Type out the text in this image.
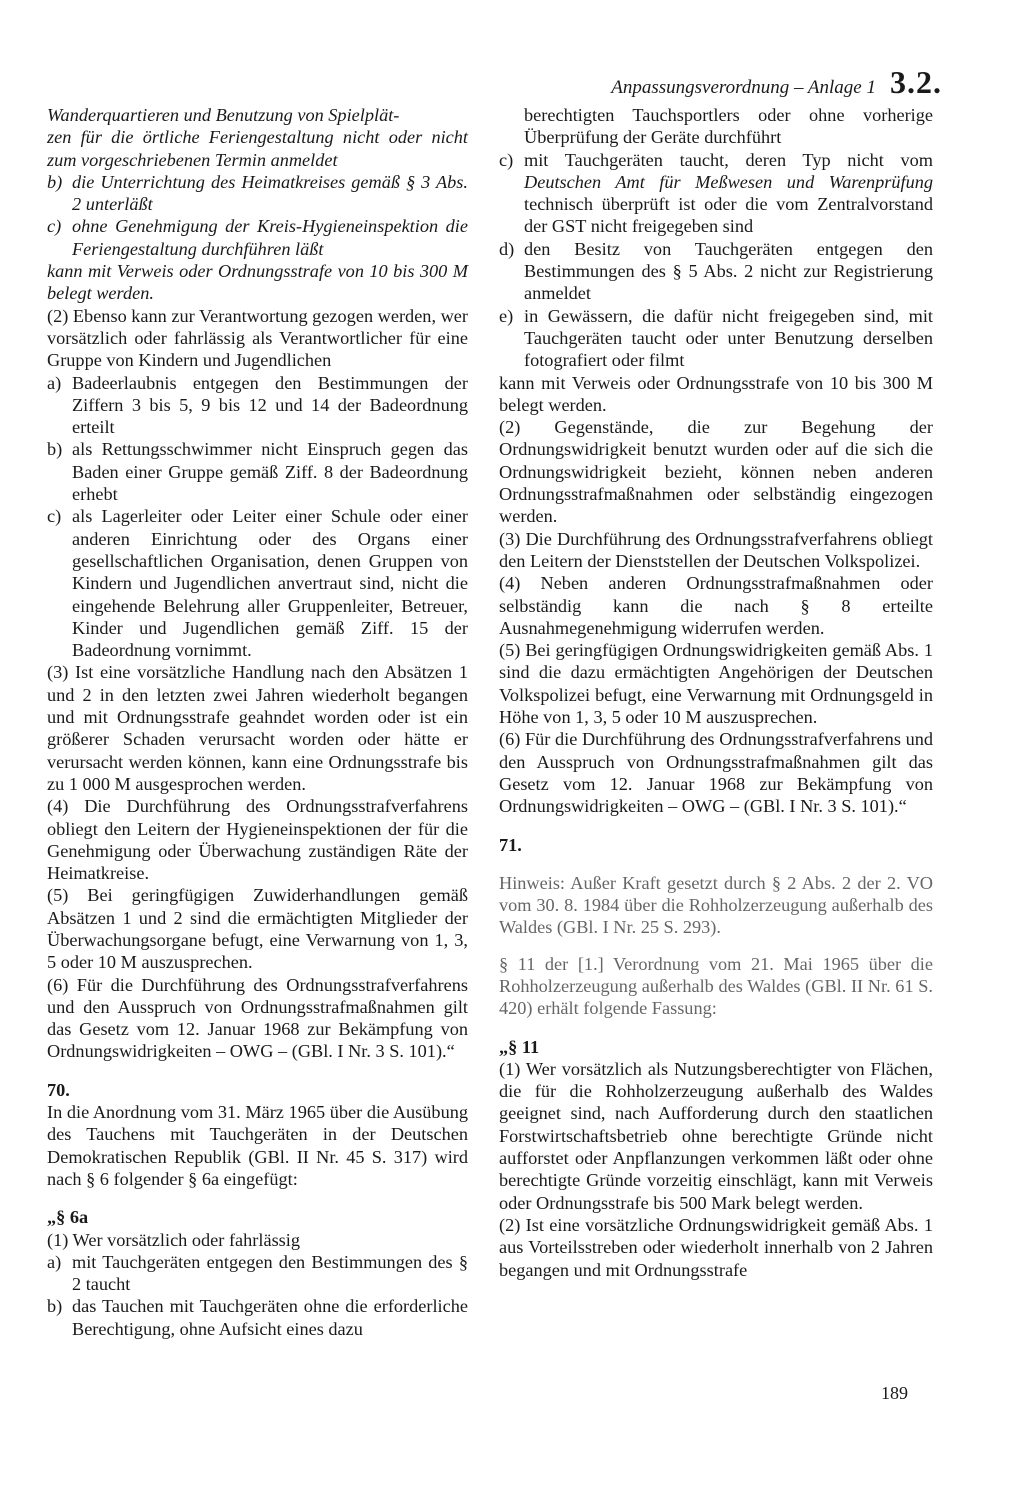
Anpassungsverordnung – Anlage 1 3.2.

Wanderquartieren und Benutzung von Spielplät-

zen für die örtliche Feriengestaltung nicht oder nicht zum vorgeschriebenen Termin anmeldet

b) die Unterrichtung des Heimatkreises gemäß § 3 Abs. 2 unterläßt
c) ohne Genehmigung der Kreis-Hygieneinspektion die Feriengestaltung durchführen läßt

kann mit Verweis oder Ordnungsstrafe von 10 bis 300 M belegt werden.

(2) Ebenso kann zur Verantwortung gezogen werden, wer vorsätzlich oder fahrlässig als Verantwortlicher für eine Gruppe von Kindern und Jugendlichen

a) Badeerlaubnis entgegen den Bestimmungen der Ziffern 3 bis 5, 9 bis 12 und 14 der Badeordnung erteilt
b) als Rettungsschwimmer nicht Einspruch gegen das Baden einer Gruppe gemäß Ziff. 8 der Badeordnung erhebt
c) als Lagerleiter oder Leiter einer Schule oder einer anderen Einrichtung oder des Organs einer gesellschaftlichen Organisation, denen Gruppen von Kindern und Jugendlichen anvertraut sind, nicht die eingehende Belehrung aller Gruppenleiter, Betreuer, Kinder und Jugendlichen gemäß Ziff. 15 der Badeordnung vornimmt.

(3) Ist eine vorsätzliche Handlung nach den Absätzen 1 und 2 in den letzten zwei Jahren wiederholt begangen und mit Ordnungsstrafe geahndet worden oder ist ein größerer Schaden verursacht worden oder hätte er verursacht werden können, kann eine Ordnungsstrafe bis zu 1 000 M ausgesprochen werden.

(4) Die Durchführung des Ordnungsstrafverfahrens obliegt den Leitern der Hygieneinspektionen der für die Genehmigung oder Überwachung zuständigen Räte der Heimatkreise.

(5) Bei geringfügigen Zuwiderhandlungen gemäß Absätzen 1 und 2 sind die ermächtigten Mitglieder der Überwachungsorgane befugt, eine Verwarnung von 1, 3, 5 oder 10 M auszusprechen.

(6) Für die Durchführung des Ordnungsstrafverfahrens und den Ausspruch von Ordnungsstrafmaßnahmen gilt das Gesetz vom 12. Januar 1968 zur Bekämpfung von Ordnungswidrigkeiten – OWG – (GBl. I Nr. 3 S. 101).“

70.

In die Anordnung vom 31. März 1965 über die Ausübung des Tauchens mit Tauchgeräten in der Deutschen Demokratischen Republik (GBl. II Nr. 45 S. 317) wird nach § 6 folgender § 6a eingefügt:

„§ 6a

(1) Wer vorsätzlich oder fahrlässig

a) mit Tauchgeräten entgegen den Bestimmungen des § 2 taucht
b) das Tauchen mit Tauchgeräten ohne die erforderliche Berechtigung, ohne Aufsicht eines dazu
berechtigten Tauchsportlers oder ohne vorherige Überprüfung der Geräte durchführt
c) mit Tauchgeräten taucht, deren Typ nicht vom Deutschen Amt für Meßwesen und Warenprüfung technisch überprüft ist oder die vom Zentralvorstand der GST nicht freigegeben sind
d) den Besitz von Tauchgeräten entgegen den Bestimmungen des § 5 Abs. 2 nicht zur Registrierung anmeldet
e) in Gewässern, die dafür nicht freigegeben sind, mit Tauchgeräten taucht oder unter Benutzung derselben fotografiert oder filmt

kann mit Verweis oder Ordnungsstrafe von 10 bis 300 M belegt werden.

(2) Gegenstände, die zur Begehung der Ordnungswidrigkeit benutzt wurden oder auf die sich die Ordnungswidrigkeit bezieht, können neben anderen Ordnungsstrafmaßnahmen oder selbständig eingezogen werden.

(3) Die Durchführung des Ordnungsstrafverfahrens obliegt den Leitern der Dienststellen der Deutschen Volkspolizei.

(4) Neben anderen Ordnungsstrafmaßnahmen oder selbständig kann die nach § 8 erteilte Ausnahmegenehmigung widerrufen werden.

(5) Bei geringfügigen Ordnungswidrigkeiten gemäß Abs. 1 sind die dazu ermächtigten Angehörigen der Deutschen Volkspolizei befugt, eine Verwarnung mit Ordnungsgeld in Höhe von 1, 3, 5 oder 10 M auszusprechen.

(6) Für die Durchführung des Ordnungsstrafverfahrens und den Ausspruch von Ordnungsstrafmaßnahmen gilt das Gesetz vom 12. Januar 1968 zur Bekämpfung von Ordnungswidrigkeiten – OWG – (GBl. I Nr. 3 S. 101).“

71.

Hinweis: Außer Kraft gesetzt durch § 2 Abs. 2 der 2. VO vom 30. 8. 1984 über die Rohholzerzeugung außerhalb des Waldes (GBl. I Nr. 25 S. 293).

§ 11 der [1.] Verordnung vom 21. Mai 1965 über die Rohholzerzeugung außerhalb des Waldes (GBl. II Nr. 61 S. 420) erhält folgende Fassung:

„§ 11

(1) Wer vorsätzlich als Nutzungsberechtigter von Flächen, die für die Rohholzerzeugung außerhalb des Waldes geeignet sind, nach Aufforderung durch den staatlichen Forstwirtschaftsbetrieb ohne berechtigte Gründe nicht aufforstet oder Anpflanzungen verkommen läßt oder ohne berechtigte Gründe vorzeitig einschlägt, kann mit Verweis oder Ordnungsstrafe bis 500 Mark belegt werden.

(2) Ist eine vorsätzliche Ordnungswidrigkeit gemäß Abs. 1 aus Vorteilsstreben oder wiederholt innerhalb von 2 Jahren begangen und mit Ordnungsstrafe

189
